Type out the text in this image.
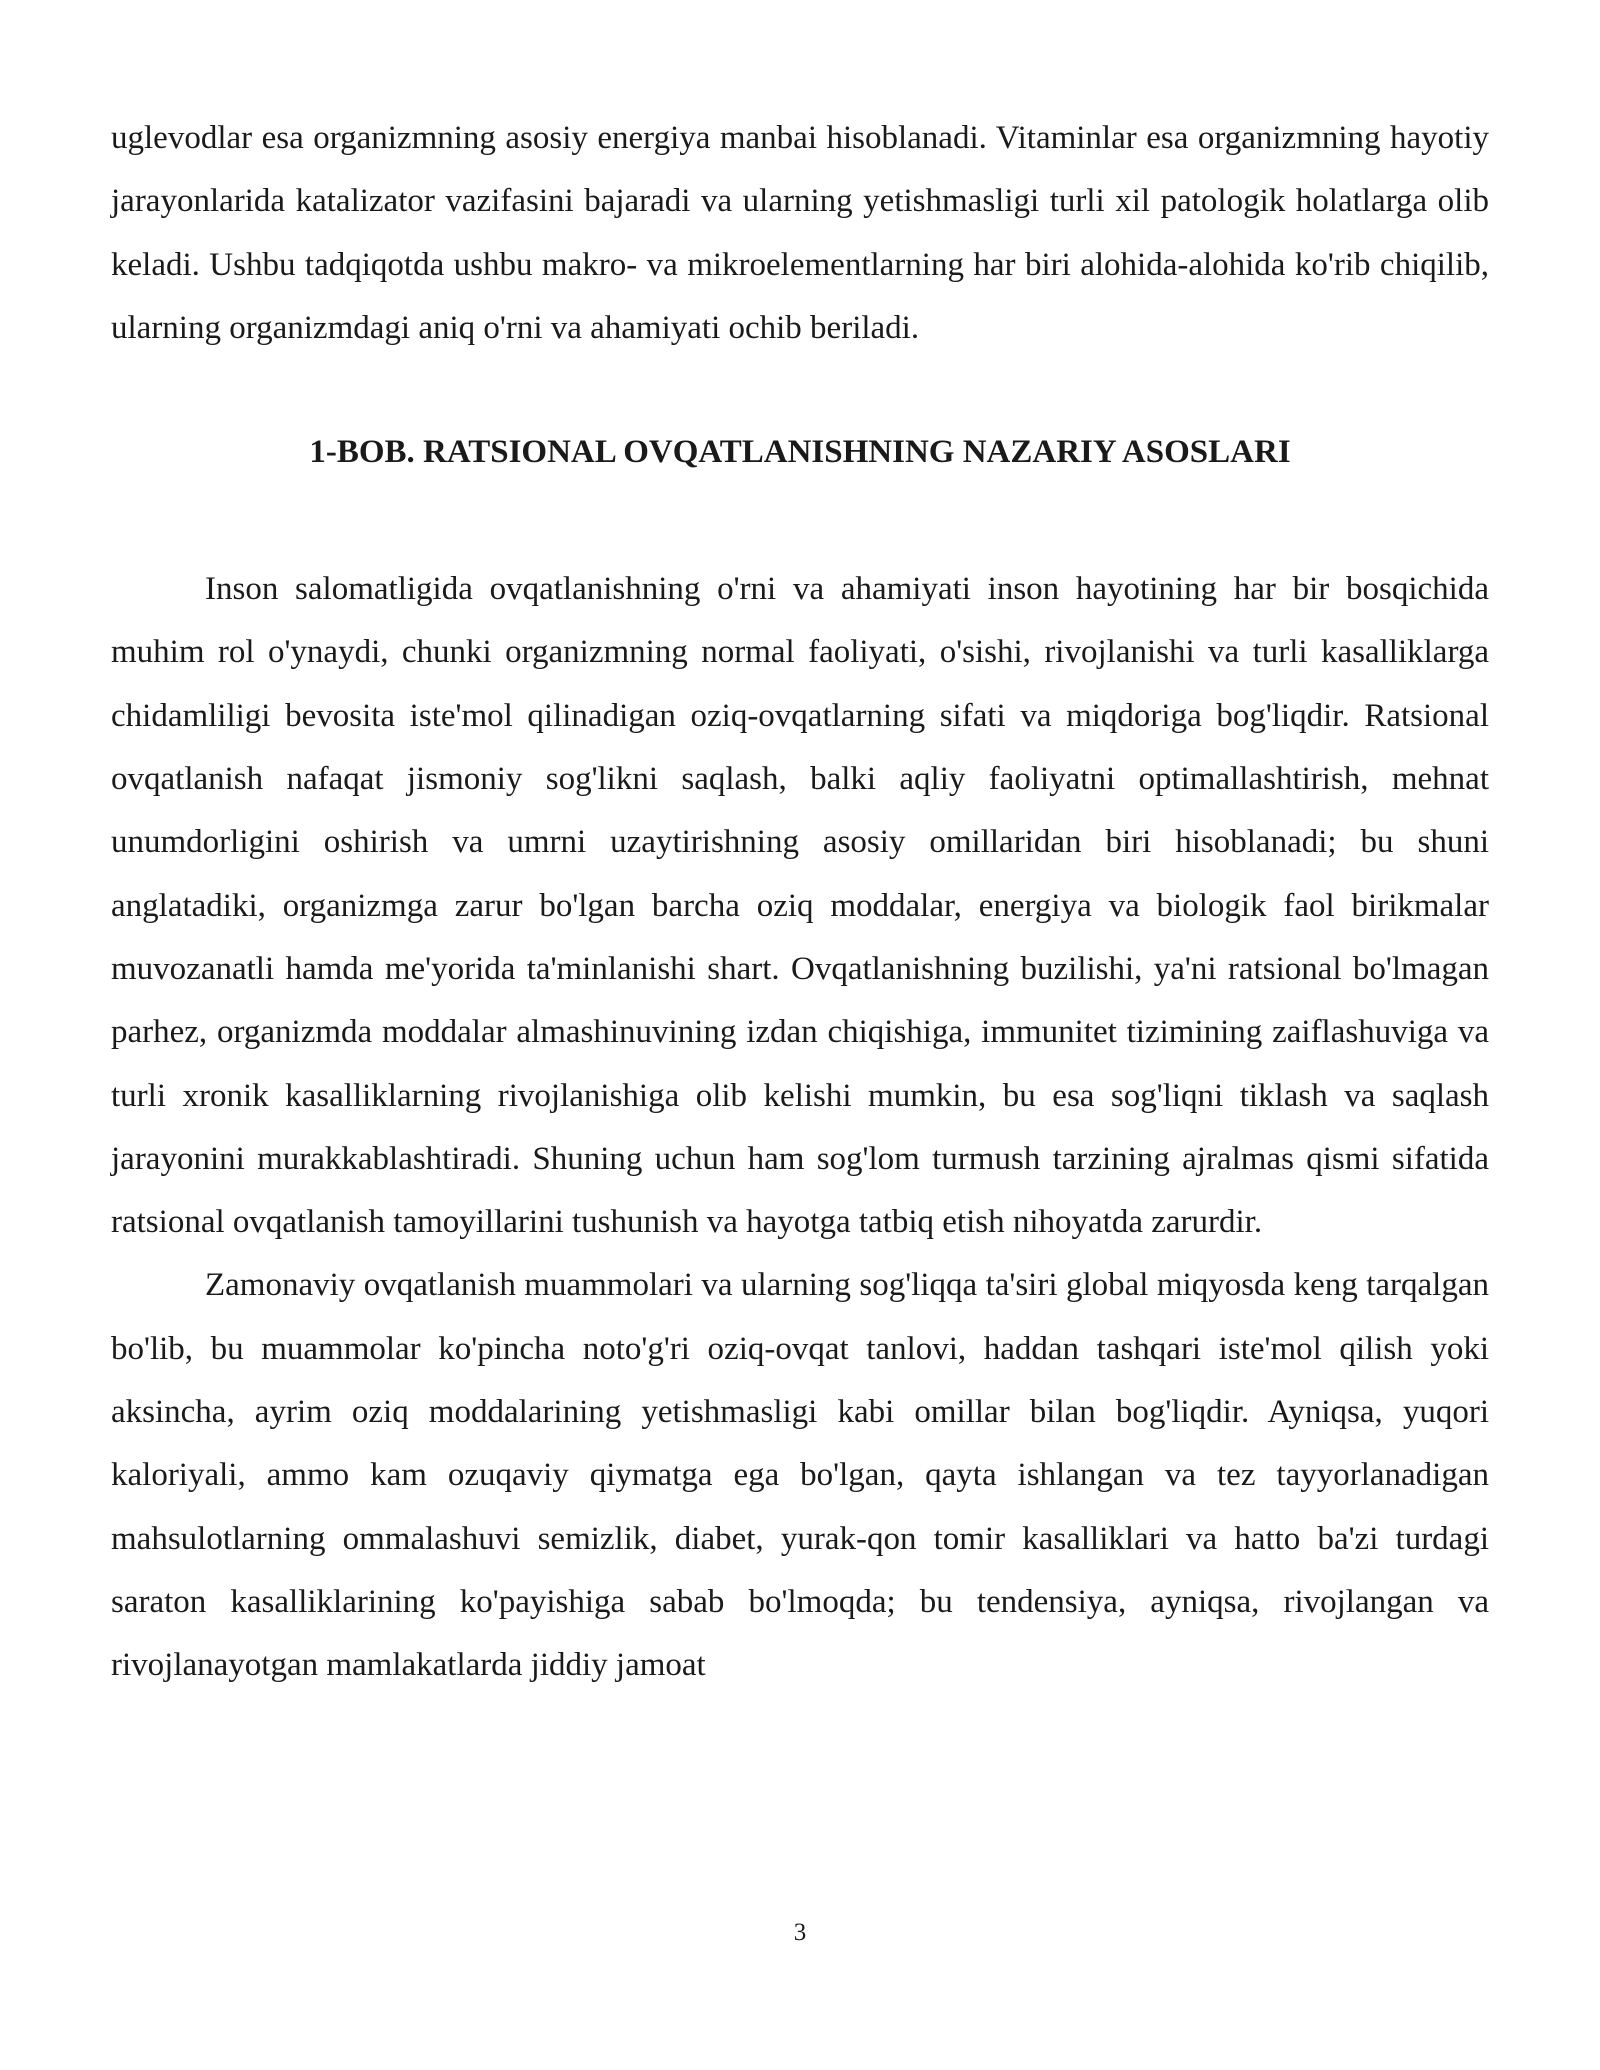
uglevodlar esa organizmning asosiy energiya manbai hisoblanadi. Vitaminlar esa organizmning hayotiy jarayonlarida katalizator vazifasini bajaradi va ularning yetishmasligi turli xil patologik holatlarga olib keladi. Ushbu tadqiqotda ushbu makro- va mikroelementlarning har biri alohida-alohida ko'rib chiqilib, ularning organizmdagi aniq o'rni va ahamiyati ochib beriladi.

1-BOB. RATSIONAL OVQATLANISHNING NAZARIY ASOSLARI

Inson salomatligida ovqatlanishning o'rni va ahamiyati inson hayotining har bir bosqichida muhim rol o'ynaydi, chunki organizmning normal faoliyati, o'sishi, rivojlanishi va turli kasalliklarga chidamliligi bevosita iste'mol qilinadigan oziq-ovqatlarning sifati va miqdoriga bog'liqdir. Ratsional ovqatlanish nafaqat jismoniy sog'likni saqlash, balki aqliy faoliyatni optimallashtirish, mehnat unumdorligini oshirish va umrni uzaytirishning asosiy omillaridan biri hisoblanadi; bu shuni anglatadiki, organizmga zarur bo'lgan barcha oziq moddalar, energiya va biologik faol birikmalar muvozanatli hamda me'yorida ta'minlanishi shart. Ovqatlanishning buzilishi, ya'ni ratsional bo'lmagan parhez, organizmda moddalar almashinuvining izdan chiqishiga, immunitet tizimining zaiflashuviga va turli xronik kasalliklarning rivojlanishiga olib kelishi mumkin, bu esa sog'liqni tiklash va saqlash jarayonini murakkablashtiradi. Shuning uchun ham sog'lom turmush tarzining ajralmas qismi sifatida ratsional ovqatlanish tamoyillarini tushunish va hayotga tatbiq etish nihoyatda zarurdir.

Zamonaviy ovqatlanish muammolari va ularning sog'liqqa ta'siri global miqyosda keng tarqalgan bo'lib, bu muammolar ko'pincha noto'g'ri oziq-ovqat tanlovi, haddan tashqari iste'mol qilish yoki aksincha, ayrim oziq moddalarining yetishmasligi kabi omillar bilan bog'liqdir. Ayniqsa, yuqori kaloriyali, ammo kam ozuqaviy qiymatga ega bo'lgan, qayta ishlangan va tez tayyorlanadigan mahsulotlarning ommalashuvi semizlik, diabet, yurak-qon tomir kasalliklari va hatto ba'zi turdagi saraton kasalliklarining ko'payishiga sabab bo'lmoqda; bu tendensiya, ayniqsa, rivojlangan va rivojlanayotgan mamlakatlarda jiddiy jamoat

3
